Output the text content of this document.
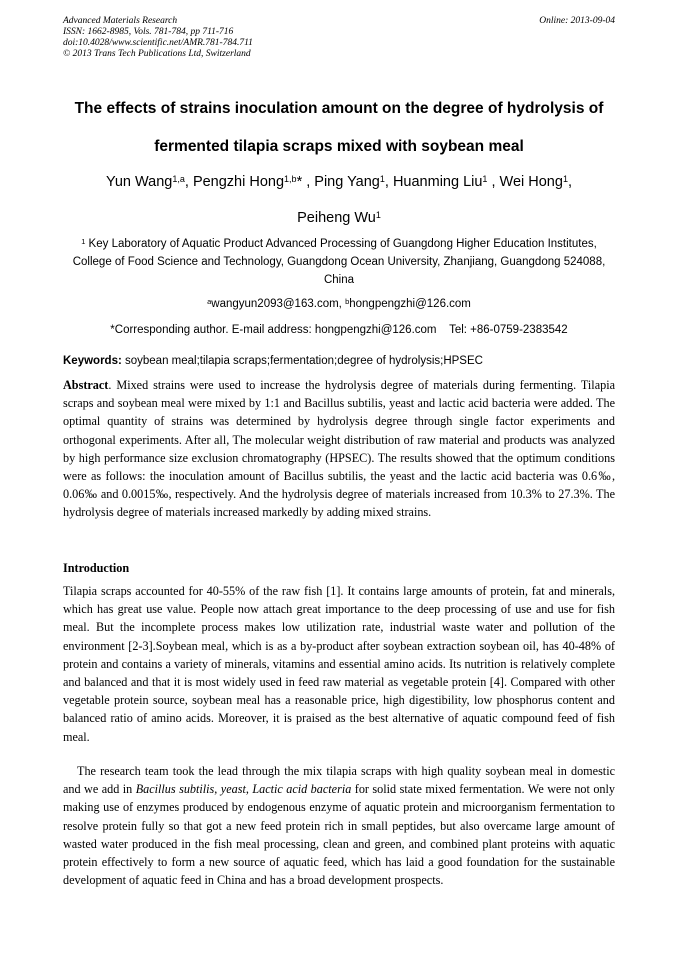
Advanced Materials Research
ISSN: 1662-8985, Vols. 781-784, pp 711-716
doi:10.4028/www.scientific.net/AMR.781-784.711
© 2013 Trans Tech Publications Ltd, Switzerland
Online: 2013-09-04
The effects of strains inoculation amount on the degree of hydrolysis of
fermented tilapia scraps mixed with soybean meal
Yun Wang$^{1,a}$, Pengzhi Hong$^{1,b}$* , Ping Yang$^1$, Huanming Liu$^1$ , Wei Hong$^1$,
Peiheng Wu$^1$
$^1$ Key Laboratory of Aquatic Product Advanced Processing of Guangdong Higher Education Institutes, College of Food Science and Technology, Guangdong Ocean University, Zhanjiang, Guangdong 524088, China
$^a$wangyun2093@163.com, $^b$hongpengzhi@126.com
*Corresponding author. E-mail address: hongpengzhi@126.com    Tel: +86-0759-2383542
Keywords: soybean meal;tilapia scraps;fermentation;degree of hydrolysis;HPSEC
Abstract. Mixed strains were used to increase the hydrolysis degree of materials during fermenting. Tilapia scraps and soybean meal were mixed by 1:1 and Bacillus subtilis, yeast and lactic acid bacteria were added. The optimal quantity of strains was determined by hydrolysis degree through single factor experiments and orthogonal experiments. After all, The molecular weight distribution of raw material and products was analyzed by high performance size exclusion chromatography (HPSEC). The results showed that the optimum conditions were as follows: the inoculation amount of Bacillus subtilis, the yeast and the lactic acid bacteria was 0.6‰, 0.06‰ and 0.0015‰, respectively. And the hydrolysis degree of materials increased from 10.3% to 27.3%. The hydrolysis degree of materials increased markedly by adding mixed strains.
Introduction
Tilapia scraps accounted for 40-55% of the raw fish [1]. It contains large amounts of protein, fat and minerals, which has great use value. People now attach great importance to the deep processing of use and use for fish meal. But the incomplete process makes low utilization rate, industrial waste water and pollution of the environment [2-3].Soybean meal, which is as a by-product after soybean extraction soybean oil, has 40-48% of protein and contains a variety of minerals, vitamins and essential amino acids. Its nutrition is relatively complete and balanced and that it is most widely used in feed raw material as vegetable protein [4]. Compared with other vegetable protein source, soybean meal has a reasonable price, high digestibility, low phosphorus content and balanced ratio of amino acids. Moreover, it is praised as the best alternative of aquatic compound feed of fish meal.
The research team took the lead through the mix tilapia scraps with high quality soybean meal in domestic and we add in Bacillus subtilis, yeast, Lactic acid bacteria for solid state mixed fermentation. We were not only making use of enzymes produced by endogenous enzyme of aquatic protein and microorganism fermentation to resolve protein fully so that got a new feed protein rich in small peptides, but also overcame large amount of wasted water produced in the fish meal processing, clean and green, and combined plant proteins with aquatic protein effectively to form a new source of aquatic feed, which has laid a good foundation for the sustainable development of aquatic feed in China and has a broad development prospects.
